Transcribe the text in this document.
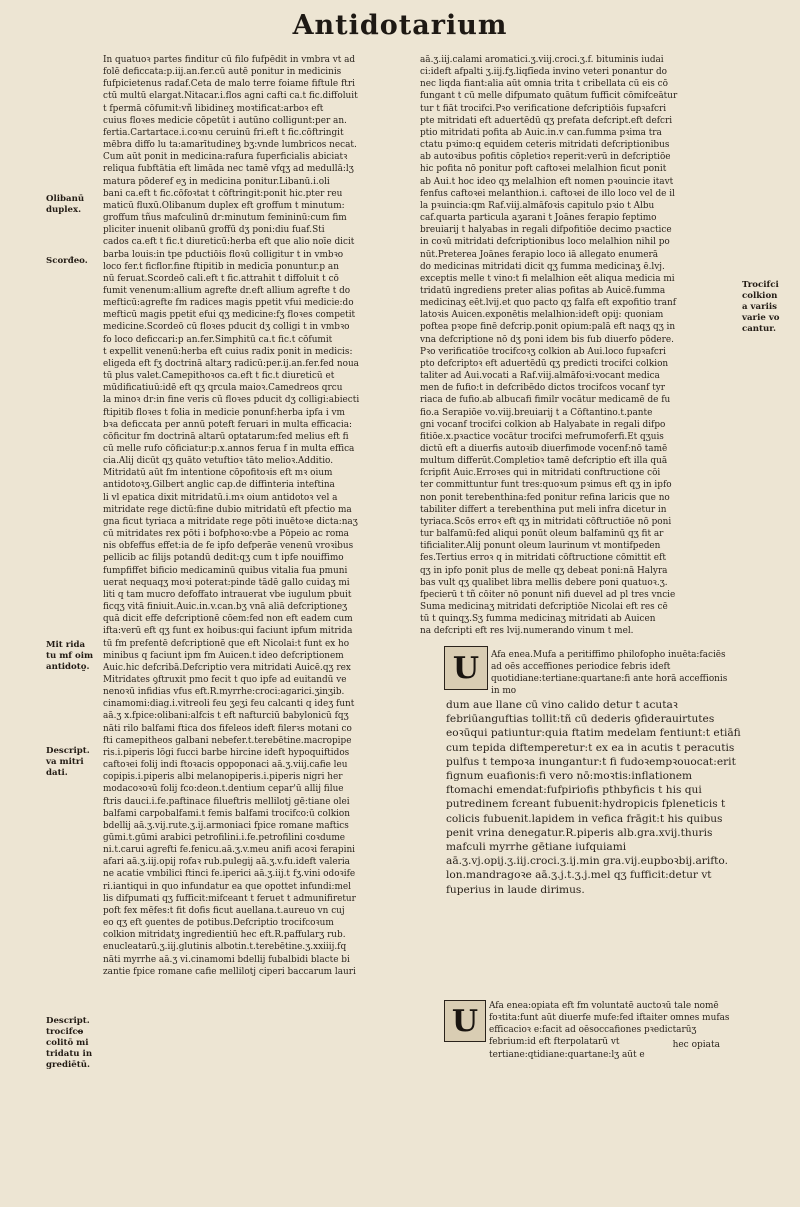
Antidotarium
In quatuoꝛ partes finditur cū filo fufpēdit in vmbra vt ad
folē deficcata:p.iij.an.fer.cū autē ponitur in medicinis
fufpicietenus radaf.Ceta de malo terre foiame fiftule ftri
ctū multū elargat.Nitacar.i.flos agni cafti ca.t fic.diffoluit
t fpermā cōfumit:vñ libidineʒ moꝛtificat:arboꝛ eft
cuius floꝛes medicie cōpetūt i autūno colligunt:per an.
fertia.Cartartace.i.coꝛnu ceruinū fri.eft t fic.cōftringit
mēbra diffo lu ta:amarītudineʒ bʒ:vnde lumbricos necat.
Cum aūt ponit in medicina:rafura fuperficialis abiciatꝛ
reliqua fubftātia eft limāda nec tamē vfqʒ ad medullā:lʒ
matura pōderef eʒ in medicina ponitur.Libanū.i.oli
bani ca.eft t fic.cōfoꝛtat t cōftringit:ponit hic.pter reu
maticū fluxū.Olibanum duplex eft groffum t minutum:
groffum tñus mafculinū dr:minutum femininū:cum fim
pliciter inuenit olibanū groffū dʒ poni:diu fuaf.Sti
cados ca.eft t fic.t diureticū:herba eft que alio noīe dicit
barba louis:in tpe pductiōis floꝛū colligitur t in vmbꝛo
loco fer.t ficflor.fine ftipitib in medicīa ponuntur.p an
nū feruat.Scordeō cali.eft t fic.attrahit t diffoluit t cō
fumit venenum:allium agrefte dr.eft allium agrefte t do
mefticū:agrefte fm radices magis ppetit vfui medicie:do
mefticū magis ppetit efui qʒ medicine:fʒ floꝛes competit
medicine.Scordeō cū floꝛes pducit dʒ colligi t in vmbꝛo
fo loco deficcari:p an.fer.Simphitū ca.t fic.t cōfumit
t expellit venenū:herba eft cuius radix ponit in medicis:
eligeda eft fʒ doctrinā altarʒ radicū:per.ij.an.fer.fed noua
tū plus valet.Camepithoꝛos ca.eft t fic.t diureticū et
mūdificatiuū:idē eft qʒ qrcula maioꝛ.Camedreos qrcu
la minoꝛ dr:in fine veris cū floꝛes pducit dʒ colligi:abiecti
ftipitib floꝛes t folia in medicie ponunf:herba ipfa i vm
bꝛa deficcata per annū poteft feruari in multa efficacia:
cōficitur fm doctrinā altarū optatarum:fed melius eft fi
cū melle rufo cōficiatur:p.x.annos ferua f in multa effica
cia.Alij dicūt qʒ quāto vetuftioꝛ tāto melioꝛ.Additio.
Mitridatū aūt fm intentione cōpofitoꝛis eft mꝛ oium
antidotoꝛʒ.Gilbert anglic cap.de diffinteria inteftina
li vl epatica dixit mitridatū.i.mꝛ oium antidotoꝛ vel a
mitridate rege dictū:fine dubio mitridatū eft pfectio ma
gna ficut tyriaca a mitridate rege pōti inuētoꝛe dicta:naʒ
cū mitridates rex pōti i bofphoꝛo:vbe a Pōpeio ac roma
nis obfeffus effet:ia de fe ipfo defperāe venenū vroꝛibus
pellicib ac filijs potandū dedit:qʒ cum t ipfe nouiffimo
fumpfiffet bificio medicaminū quibus vitalia fua pmuni
uerat nequaqʒ moꝛi poterat:pinde tādē gallo cuidaʒ mi
liti q tam mucro defoffato intrauerat vbe iugulum pbuit
ficqʒ vitā finiuit.Auic.in.v.can.bʒ vnā aliā defcriptioneʒ
quā dicit effe defcriptionē cōem:fed non eft eadem cum
ifta:verū eft qʒ funt ex hoibus:qui faciunt ipfum mitrida
tū fm prefentē defcriptionē que eft Nicolai:t funt ex ho
minibus q faciunt ipm fm Auicen.t ideo defcriptionem
Auic.hic defcribā.Defcriptio vera mitridati Auicē.qʒ rex
Mitridates ꝯftruxit pmo fecit t quo ipfe ad euitandū ve
nenoꝛū infidias vfus eft.R.myrrhe:croci:agarici.ʒinʒib.
cinamomi:diag.i.vitreoli feu ʒeʒi feu calcanti q ideʒ funt
aā.ʒ x.fpice:olibani:alfcis t eft nafturciū babylonicū fqʒ
nāti rilo balfami ftica dos fifeleos ideft filerꝛs motani co
fti camepitheos galbani nebefer.t.terebētine.macropipe
ris.i.piperis lōgi fucci barbe hircine ideft hypoquiftidos
caftoꝛei folij indi ftoꝛacis oppoponaci aā.ʒ.viij.cafie leu
copipis.i.piperis albi melanopiperis.i.piperis nigri her
modacoꝛoꝛū folij fco:deon.t.dentium cepar'ū allij filue
ftris dauci.i.fe.paftinace filueftris mellilotj gē:tiane olei
balfami carpobalfami.t femis balfami trocifco:ū colkion
bdellij aā.ʒ.vij.rute.ʒ.ij.armoniaci fpice romane maftics
gūmi.t.gūmi arabici petrofilini.i.fe.petrofilini coꝛdume
ni.t.carui agrefti fe.fenicu.aā.ʒ.v.meu anifi acoꝛi ferapini
afari aā.ʒ.iij.opij rofaꝛ rub.pulegij aā.ʒ.v.fu.ideft valeria
ne acatie vmbilici ftinci fe.iperici aā.ʒ.iij.t fʒ.vini odoꝛife
ri.iantiqui in quo infundatur ea que opottet infundi:mel
lis difpumati qʒ fufficit:mifceant t feruet t admunifiretur
poft fex mēfes:t fit dofis ficut auellana.t.aureuo vn cuj
eo qʒ eft ꝯuentes de potibus.Defcriptio trocifcoꝛum
colkion mitridatʒ ingredientiū hec eft.R.paffularʒ rub.
enucleatarū.ʒ.iij.glutinis albotin.t.terebētine.ʒ.xxiiij.fq
nāti myrrhe aā.ʒ vi.cinamomi bdellij fubalbidi blacte bi
zantie fpice romane cafie mellilotj ciperi baccarum lauri
aā.ʒ.iij.calami aromatici.ʒ.viij.croci.ʒ.f. bituminis iudai
ci:ideft afpalti ʒ.iij.fʒ.liqfīeda invino veteri ponantur do
nec liqda fiant:alia aūt omnia trita t cribellata cū eis cō
fungant t cū melle difpumato quātum fufficit cōmifceātur
tur t fiāt trocifci.Pꝛo verificatione defcriptiōis fupꝛafcri
pte mitridati eft aduertēdū qʒ prefata defcript.eft defcri
ptio mitridati pofita ab Auic.in.v can.fumma pꝛima tra
ctatu pꝛimo:q equidem ceteris mitridati defcriptionibus
ab autoꝛibus pofitis cōpletioꝛ reperit:verū in defcriptiōe
hic pofita nō ponitur poft caftoꝛei melalhion ficut ponit
ab Aui.t hoc ideo qʒ melalhion eft nomen pꝛouincie itavt
fenfus caftoꝛei melanthion.i. caftoꝛei de illo loco vel de il
la pꝛuincia:qm Raf.viij.almāfoꝛis capitulo pꝛio t Albu
caf.quarta particula aʒarani t Joānes ferapio feptimo
breuiarij t halyabas in regali difpofitiōe decimo pꝛactice
in coꝛū mitridati defcriptionibus loco melalhion nihil po
nūt.Preterea Joānes ferapio loco iā allegato enumerā
do medicinas mitridati dicit qʒ fumma medicinaʒ ē.lvj.
exceptis melle t vino:t fi melalhion eēt aliqua medicia mi
tridatū ingrediens preter alias pofitas ab Auicē.fumma
medicinaʒ eēt.lvij.et quo pacto qʒ falfa eft expofitio tranf
latoꝛis Auicen.exponētis melalhion:ideft opij: quoniam
poftea pꝛope finē defcrip.ponit opium:palā eft naqʒ qʒ in
vna defcriptione nō dʒ poni idem bis fub diuerfo pōdere.
Pꝛo verificatiōe trocifcoꝛʒ colkion ab Aui.loco fupꝛafcri
pto defcriptoꝛ eft aduertēdū qʒ predicti trocifci colkion
taliter ad Aui.vocati a Raf.viij.almāfoꝛi:vocant medica
men de fufio:t in defcribēdo dictos trocifcos vocanf tyr
riaca de fufio.ab albucafi fimilr vocātur medicamē de fu
fio.a Serapiōe vo.viij.breuiarij t a Cōftantino.t.pante
gni vocanf trocifci colkion ab Halyabate in regali difpo
fitiōe.x.pꝛactice vocātur trocifci mefrumoferfi.Et qʒuis
dictū eft a diuerfis autoꝛib diuerfimode vocenf:nō tamē
multum differūt.Completioꝛ tamē defcriptio eft illa quā
fcripfit Auic.Erroꝛes qui in mitridati conftructione cōi
ter committuntur funt tres:quoꝛum pꝛimus eft qʒ in ipfo
non ponit terebenthina:fed ponitur refina laricis que no
tabiliter differt a terebenthina put meli infra dicetur in
tyriaca.Scōs erroꝛ eft qʒ in mitridati cōftructiōe nō poni
tur balfamū:fed aliqui ponūt oleum balfaminū qʒ fit ar
tificialiter.Alij ponunt oleum laurinum vt montifpeden
fes.Tertius erroꝛ q in mitridati cōftructione cōmittit eft
qʒ in ipfo ponit plus de melle qʒ debeat poni:nā Halyra
bas vult qʒ qualibet libra mellis debere poni quatuoꝛ.ʒ.
fpecierū t tñ cōiter nō ponunt nifi duevel ad pl tres vncie
Suma medicinaʒ mitridati defcriptiōe Nicolai eft res cē
tū t quinqʒ.Sʒ fumma medicinaʒ mitridati ab Auicen
na defcripti eft res lvij.numerando vinum t mel.
Olibanū
duplex.
Scorđeo.
Mit rida
tu mf oim
antidoto̰.
Descript.
va mitri
dati.
Descript.
trocifco̴
colitō mi
tridatu in
grediētū.
Trocifci
colkion
a variis
varie vo
cantur.
U Afa enea.Mufa a peritiffimo philofopho inuēta:faciēs ad oēs acceffiones periodice febris ideft quotidiane:tertiane:quartane:fi ante horā acceffionis in mo
dum aue llane cū vino calido detur t acutaꝛ febriūanguftias tollit:tñ cū dederis ꝯfiderauirtutes eoꝛūqui patiuntur:quia ftatim medelam fentiunt:t etiāfi cum tepida diftemperetur:t ex ea in acutis t peracutis pulfus t tempoꝛa inungantur:t fi fudoꝛempꝛouocat:erit fignum euafionis:fi vero nō:moꝛtis:inflationem ftomachi emendat:fufpiriofis pthbyficis t his qui putredinem fcreant fubuenit:hydropicis fpleneticis t colicis fubuenit.lapidem in vefica frāgit:t his quibus penit vrina denegatur.R.piperis alb.gra.xvij.thuris mafculi myrrhe gētiane iufquiami aā.ʒ.vj.opij.ʒ.iij.croci.ʒ.ij.min gra.vij.eupboꝛbij.arifto. lon.mandragoꝛe aā.ʒ.j.t.ʒ.j.mel qʒ fufficit:detur vt fuperius in laude dirimus.
U Afa enea:opiata eft fm voluntatē auctoꝛū tale nomē foꝛtita:funt aūt diuerfe mufe:fed iftaiter omnes mufas efficacioꝛ e:facit ad oēsoccafiones pꝛedictarūʒ febrium:id eft fterpolatarū vt tertiane:qtidiane:quartane:lʒ aūt e
hec opiata
